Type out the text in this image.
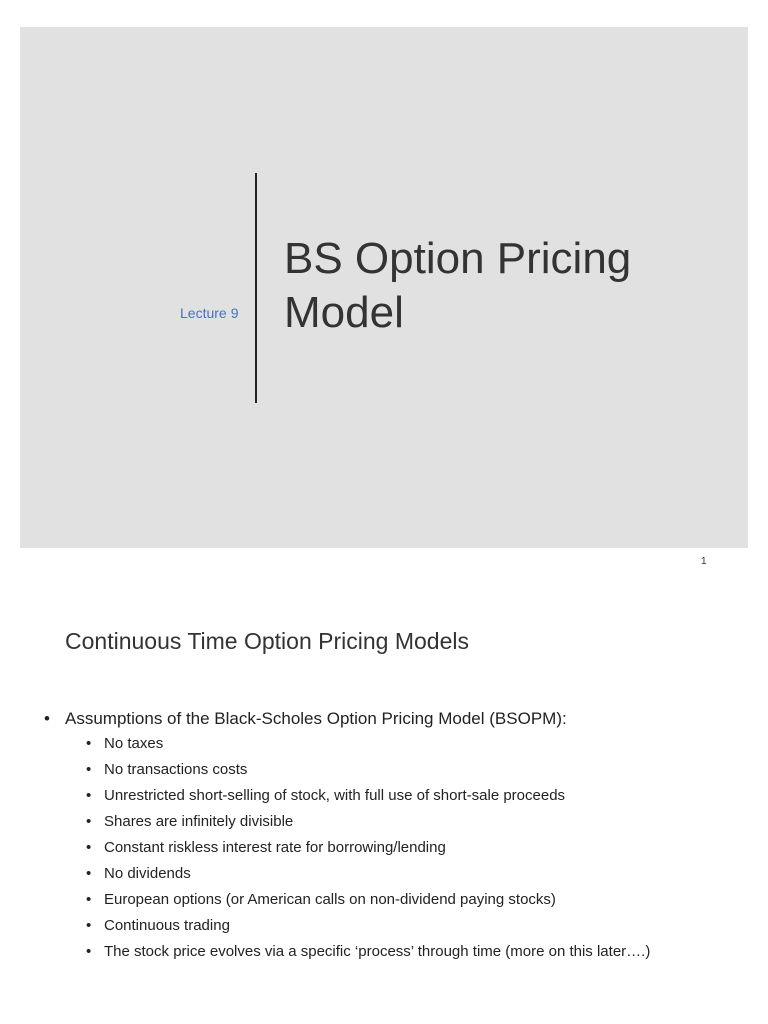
Lecture 9
BS Option Pricing Model
1
Continuous Time Option Pricing Models
• Assumptions of the Black-Scholes Option Pricing Model (BSOPM):
• No taxes
• No transactions costs
• Unrestricted short-selling of stock, with full use of short-sale proceeds
• Shares are infinitely divisible
• Constant riskless interest rate for borrowing/lending
• No dividends
• European options (or American calls on non-dividend paying stocks)
• Continuous trading
• The stock price evolves via a specific ‘process’ through time (more on this later….)
